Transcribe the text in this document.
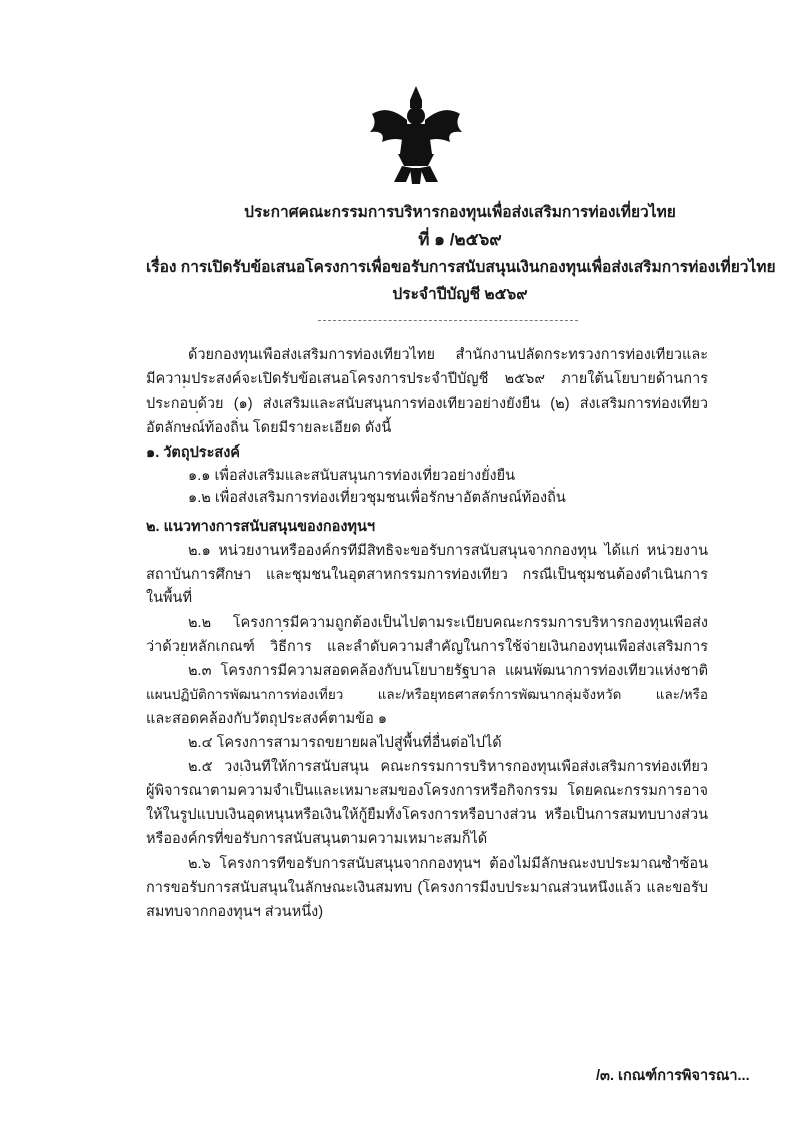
ประกาศคณะกรรมการบริหารกองทุนเพื่อส่งเสริมการท่องเที่ยวไทย
ที่ ๑ /๒๕๖๙
เรื่อง การเปิดรับข้อเสนอโครงการเพื่อขอรับการสนับสนุนเงินกองทุนเพื่อส่งเสริมการท่องเที่ยวไทย
ประจำปีบัญชี ๒๕๖๙
ด้วยกองทุนเพื่อส่งเสริมการท่องเที่ยวไทย สำนักงานปลัดกระทรวงการท่องเที่ยวและ
มีความประสงค์จะเปิดรับข้อเสนอโครงการประจำปีบัญชี ๒๕๖๙ ภายใต้นโยบายด้านการ
ประกอบด้วย (๑) ส่งเสริมและสนับสนุนการท่องเที่ยวอย่างยั่งยืน (๒) ส่งเสริมการท่องเที่ยว
อัตลักษณ์ท้องถิ่น โดยมีรายละเอียด ดังนี้
๑. วัตถุประสงค์
๑.๑ เพื่อส่งเสริมและสนับสนุนการท่องเที่ยวอย่างยั่งยืน
๑.๒ เพื่อส่งเสริมการท่องเที่ยวชุมชนเพื่อรักษาอัตลักษณ์ท้องถิ่น
๒. แนวทางการสนับสนุนของกองทุนฯ
๒.๑ หน่วยงานหรือองค์กรที่มีสิทธิจะขอรับการสนับสนุนจากกองทุน ได้แก่ หน่วยงาน
สถาบันการศึกษา และชุมชนในอุตสาหกรรมการท่องเที่ยว กรณีเป็นชุมชนต้องดำเนินการ
ในพื้นที่
๒.๒ โครงการมีความถูกต้องเป็นไปตามระเบียบคณะกรรมการบริหารกองทุนเพื่อส่ง
ว่าด้วยหลักเกณฑ์ วิธีการ และลำดับความสำคัญในการใช้จ่ายเงินกองทุนเพื่อส่งเสริมการ
๒.๓ โครงการมีความสอดคล้องกับนโยบายรัฐบาล แผนพัฒนาการท่องเที่ยวแห่งชาติ
แผนปฏิบัติการพัฒนาการท่องเที่ยว และ/หรือยุทธศาสตร์การพัฒนากลุ่มจังหวัด และ/หรือ
และสอดคล้องกับวัตถุประสงค์ตามข้อ ๑
๒.๔ โครงการสามารถขยายผลไปสู่พื้นที่อื่นต่อไปได้
๒.๕ วงเงินที่ให้การสนับสนุน คณะกรรมการบริหารกองทุนเพื่อส่งเสริมการท่องเที่ยว
ผู้พิจารณาตามความจำเป็นและเหมาะสมของโครงการหรือกิจกรรม โดยคณะกรรมการอาจ
ให้ในรูปแบบเงินอุดหนุนหรือเงินให้กู้ยืมทั้งโครงการหรือบางส่วน หรือเป็นการสมทบบางส่วน
หรือองค์กรที่ขอรับการสนับสนุนตามความเหมาะสมก็ได้
๒.๖ โครงการที่ขอรับการสนับสนุนจากกองทุนฯ ต้องไม่มีลักษณะงบประมาณซ้ำซ้อน
การขอรับการสนับสนุนในลักษณะเงินสมทบ (โครงการมีงบประมาณส่วนหนึ่งแล้ว และขอรับ
สมทบจากกองทุนฯ ส่วนหนึ่ง)
/๓. เกณฑ์การพิจารณา...
